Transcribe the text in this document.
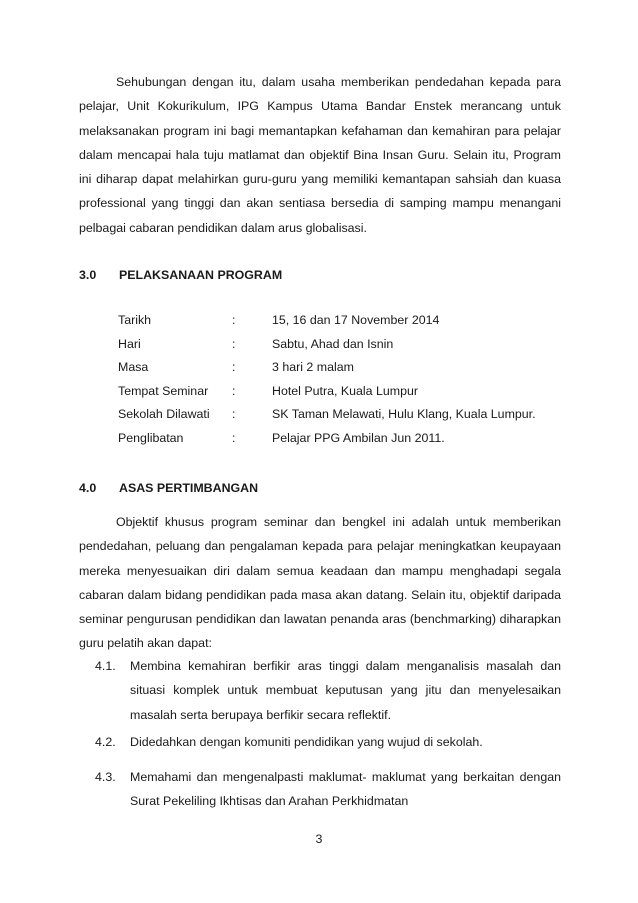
Sehubungan dengan itu, dalam usaha memberikan pendedahan kepada para pelajar, Unit Kokurikulum, IPG Kampus Utama Bandar Enstek merancang untuk melaksanakan program ini bagi memantapkan kefahaman dan kemahiran para pelajar dalam mencapai hala tuju matlamat dan objektif Bina Insan Guru. Selain itu, Program ini diharap dapat melahirkan guru-guru yang memiliki kemantapan sahsiah dan kuasa professional yang tinggi dan akan sentiasa bersedia di samping mampu menangani pelbagai cabaran pendidikan dalam arus globalisasi.

3.0	PELAKSANAAN PROGRAM
Tarikh	:	15, 16 dan 17 November 2014
Hari	:	Sabtu, Ahad dan Isnin
Masa	:	3 hari 2 malam
Tempat Seminar	:	Hotel Putra, Kuala Lumpur
Sekolah Dilawati	:	SK Taman Melawati, Hulu Klang, Kuala Lumpur.
Penglibatan	:	Pelajar PPG Ambilan Jun 2011.
4.0	ASAS PERTIMBANGAN

Objektif khusus program seminar dan bengkel ini adalah untuk memberikan pendedahan, peluang dan pengalaman kepada para pelajar meningkatkan keupayaan mereka menyesuaikan diri dalam semua keadaan dan mampu menghadapi segala cabaran dalam bidang pendidikan pada masa akan datang. Selain itu, objektif daripada seminar pengurusan pendidikan dan lawatan penanda aras (benchmarking) diharapkan guru pelatih akan dapat:

4.1.	Membina kemahiran berfikir aras tinggi dalam menganalisis masalah dan situasi komplek untuk membuat keputusan yang jitu dan menyelesaikan masalah serta berupaya berfikir secara reflektif.
4.2.	Didedahkan dengan komuniti pendidikan yang wujud di sekolah.
4.3.	Memahami dan mengenalpasti maklumat- maklumat yang berkaitan dengan Surat Pekeliling Ikhtisas dan Arahan Perkhidmatan
3
